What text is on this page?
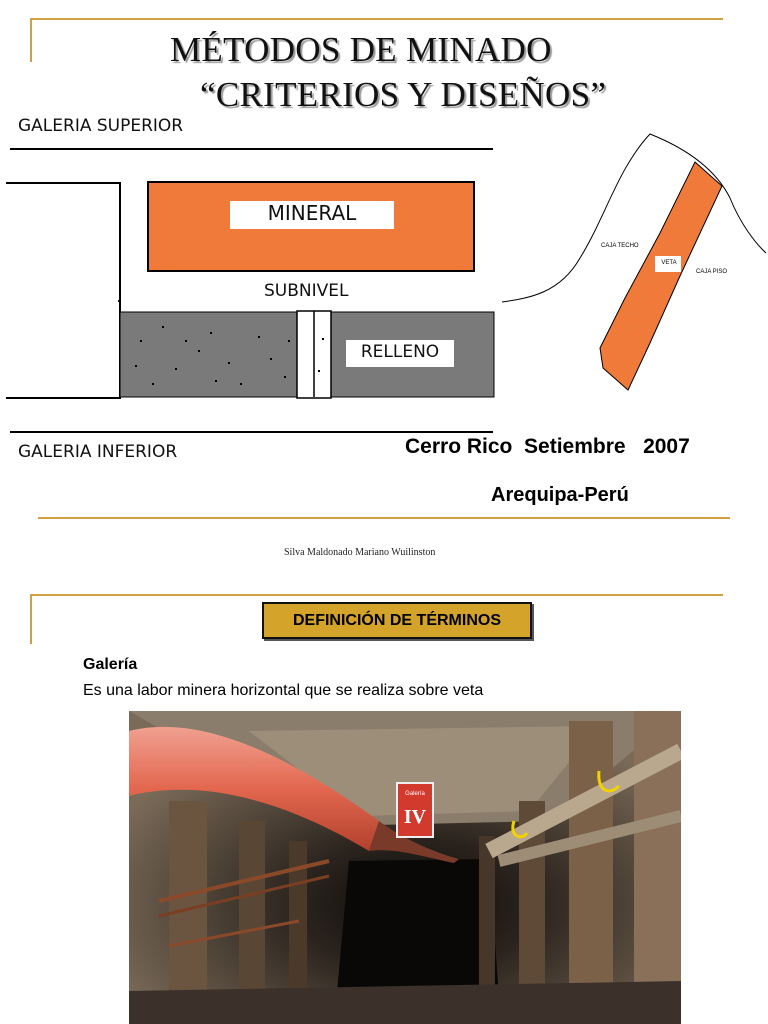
GALERIA SUPERIOR
MINERAL
SUBNIVEL
RELLENO
GALERIA INFERIOR
CAJA TECHO
VETA
CAJA PISO
MÉTODOS DE MINADO
“CRITERIOS Y DISEÑOS”
Cerro Rico  Setiembre   2007
Arequipa-Perú
Silva Maldonado Mariano Wuilinston
DEFINICIÓN DE TÉRMINOS
Galería
Es una labor minera horizontal que se realiza sobre veta
Galería
IV
